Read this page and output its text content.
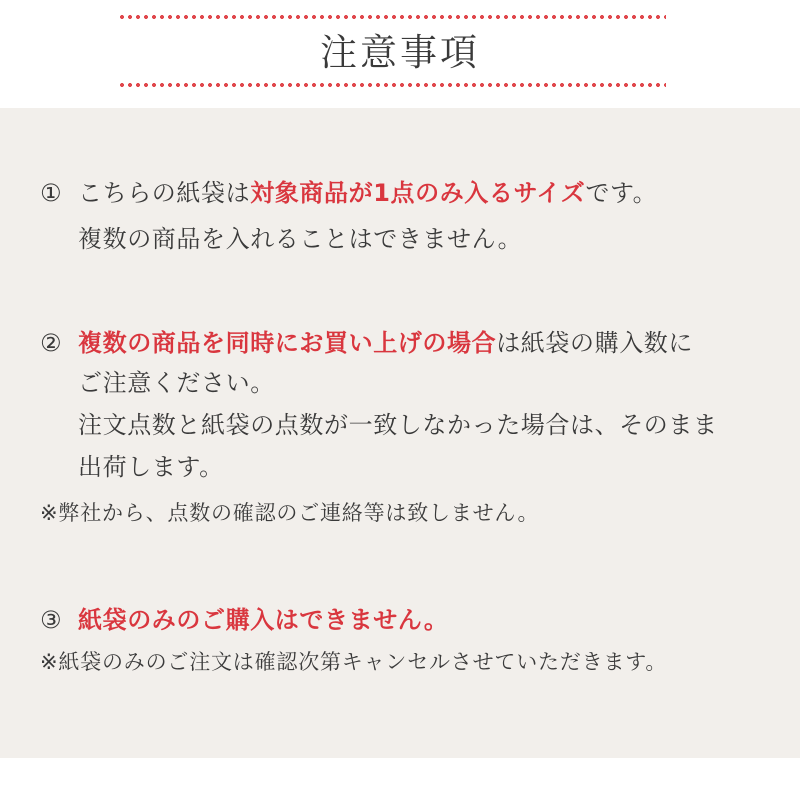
注意事項
① こちらの紙袋は対象商品が1点のみ入るサイズです。
複数の商品を入れることはできません。
② 複数の商品を同時にお買い上げの場合は紙袋の購入数に
ご注意ください。
注文点数と紙袋の点数が一致しなかった場合は、そのまま
出荷します。
※弊社から、点数の確認のご連絡等は致しません。
③ 紙袋のみのご購入はできません。
※紙袋のみのご注文は確認次第キャンセルさせていただきます。
